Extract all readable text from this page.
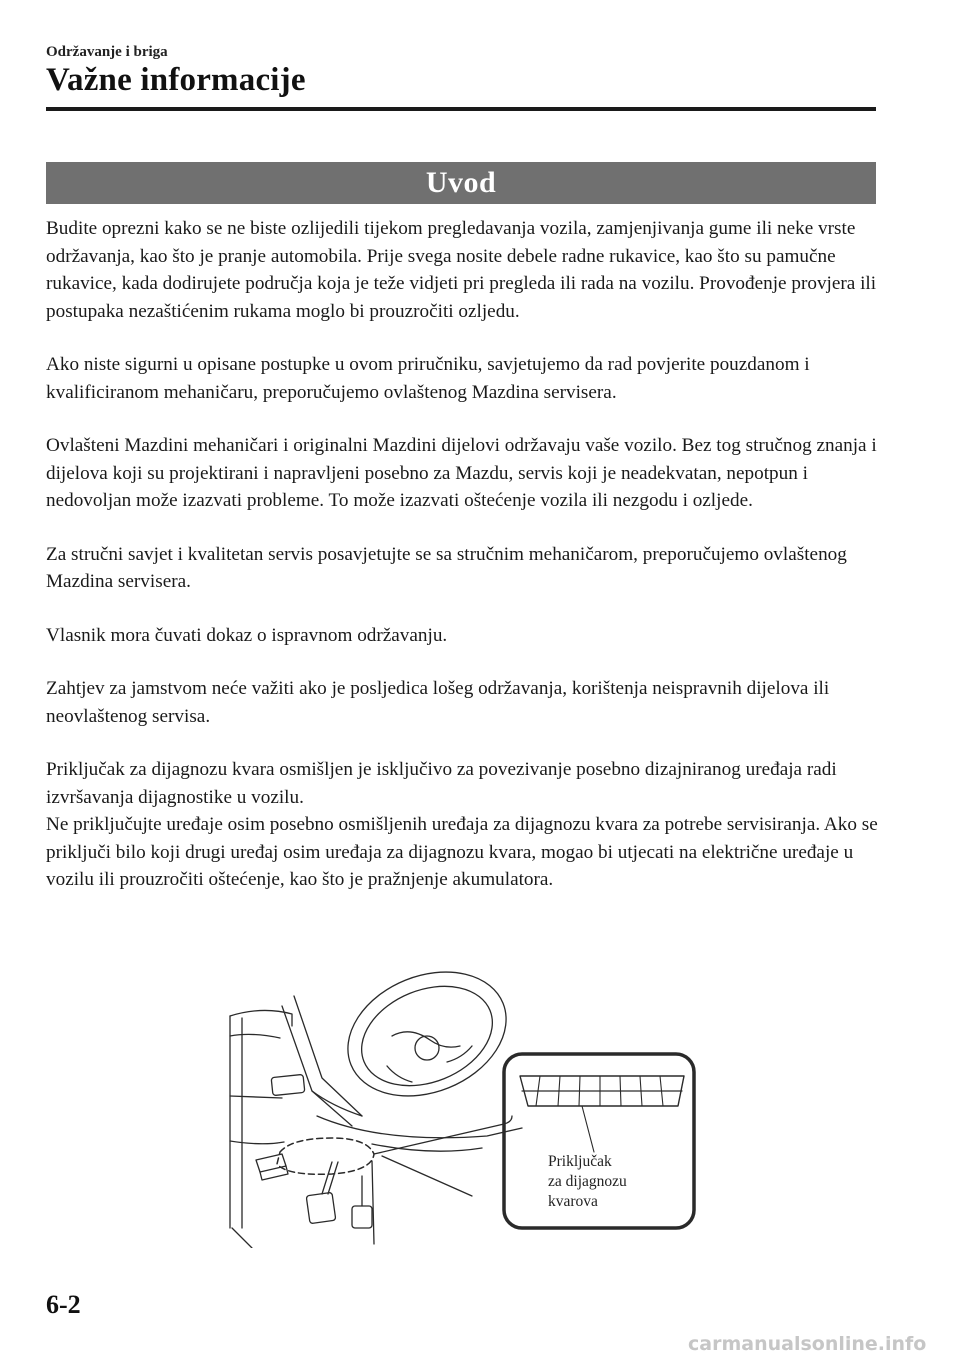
Održavanje i briga
Važne informacije
Uvod

Budite oprezni kako se ne biste ozlijedili tijekom pregledavanja vozila, zamjenjivanja gume ili neke vrste održavanja, kao što je pranje automobila. Prije svega nosite debele radne rukavice, kao što su pamučne rukavice, kada dodirujete područja koja je teže vidjeti pri pregleda ili rada na vozilu. Provođenje provjera ili postupaka nezaštićenim rukama moglo bi prouzročiti ozljedu.

Ako niste sigurni u opisane postupke u ovom priručniku, savjetujemo da rad povjerite pouzdanom i kvalificiranom mehaničaru, preporučujemo ovlaštenog Mazdina servisera.

Ovlašteni Mazdini mehaničari i originalni Mazdini dijelovi održavaju vaše vozilo. Bez tog stručnog znanja i dijelova koji su projektirani i napravljeni posebno za Mazdu, servis koji je neadekvatan, nepotpun i nedovoljan može izazvati probleme. To može izazvati oštećenje vozila ili nezgodu i ozljede.

Za stručni savjet i kvalitetan servis posavjetujte se sa stručnim mehaničarom, preporučujemo ovlaštenog Mazdina servisera.

Vlasnik mora čuvati dokaz o ispravnom održavanju.

Zahtjev za jamstvom neće važiti ako je posljedica lošeg održavanja, korištenja neispravnih dijelova ili neovlaštenog servisa.

Priključak za dijagnozu kvara osmišljen je isključivo za povezivanje posebno dizajniranog uređaja radi izvršavanja dijagnostike u vozilu.

Ne priključujte uređaje osim posebno osmišljenih uređaja za dijagnozu kvara za potrebe servisiranja. Ako se priključi bilo koji drugi uređaj osim uređaja za dijagnozu kvara, mogao bi utjecati na električne uređaje u vozilu ili prouzročiti oštećenje, kao što je pražnjenje akumulatora.

Priključak
za dijagnozu
kvarova
6-2
carmanualsonline.info
